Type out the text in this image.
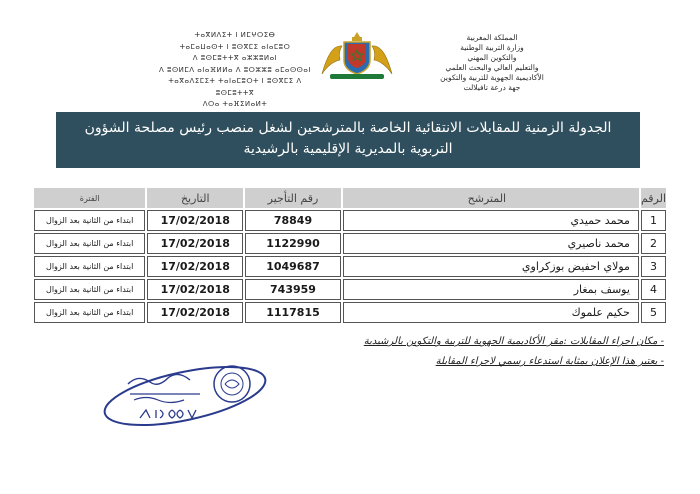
ⵜⴰⴳⵍⴷⵉⵜ ⵏ ⵍⵎⵖⵔⵉⴱ
ⵜⴰⵎⴰⵡⴰⵙⵜ ⵏ ⵓⵙⴳⵎⵉ ⴰⵏⴰⵎⵓⵔ
ⴷ ⵓⵙⵎⵓⵜⵜⴳ ⴰⵣⵣⵓⵍⴰⵏ
ⴷ ⵓⵙⵍⵎⴷ ⴰⵏⴰⴼⵍⵍⴰ ⴷ ⵓⵔⵣⵣⵓ ⴰⵎⴰⵙⵙⴰⵏ
ⵜⴰⴳⴰⴷⵉⵎⵉⵜ ⵜⴰⵏⴰⵎⵓⵔⵜ ⵏ ⵓⵙⴳⵎⵉ ⴷ ⵓⵙⵎⵓⵜⵜⴳ
ⴷⵔⴰ ⵜⴰⴼⵉⵍⴰⵍⵜ
المملكة المغربية
وزارة التربية الوطنية
والتكوين المهني
والتعليم العالي والبحث العلمي
الأكاديمية الجهوية للتربية والتكوين
جهة درعة تافيلالت
الجدولة الزمنية للمقابلات الانتقائية الخاصة بالمترشحين لشغل منصب رئيس مصلحة الشؤون
التربوية بالمديرية الإقليمية بالرشيدية
الرقم	المترشح	رقم التأجير	التاريخ	الفترة
1	محمد حميدي	78849	17/02/2018	ابتداء من الثانية بعد الزوال
2	محمد ناصيري	1122990	17/02/2018	ابتداء من الثانية بعد الزوال
3	مولاي احفيض بوزكراوي	1049687	17/02/2018	ابتداء من الثانية بعد الزوال
4	يوسف بمغار	743959	17/02/2018	ابتداء من الثانية بعد الزوال
5	حكيم علموك	1117815	17/02/2018	ابتداء من الثانية بعد الزوال
- مكان اجراء المقابلات :مقر الأكاديمية الجهوية للتربية والتكوين بالرشيدية
- يعتبر هذا الإعلان بمثابة استدعاء رسمي لاجراء المقابلة
